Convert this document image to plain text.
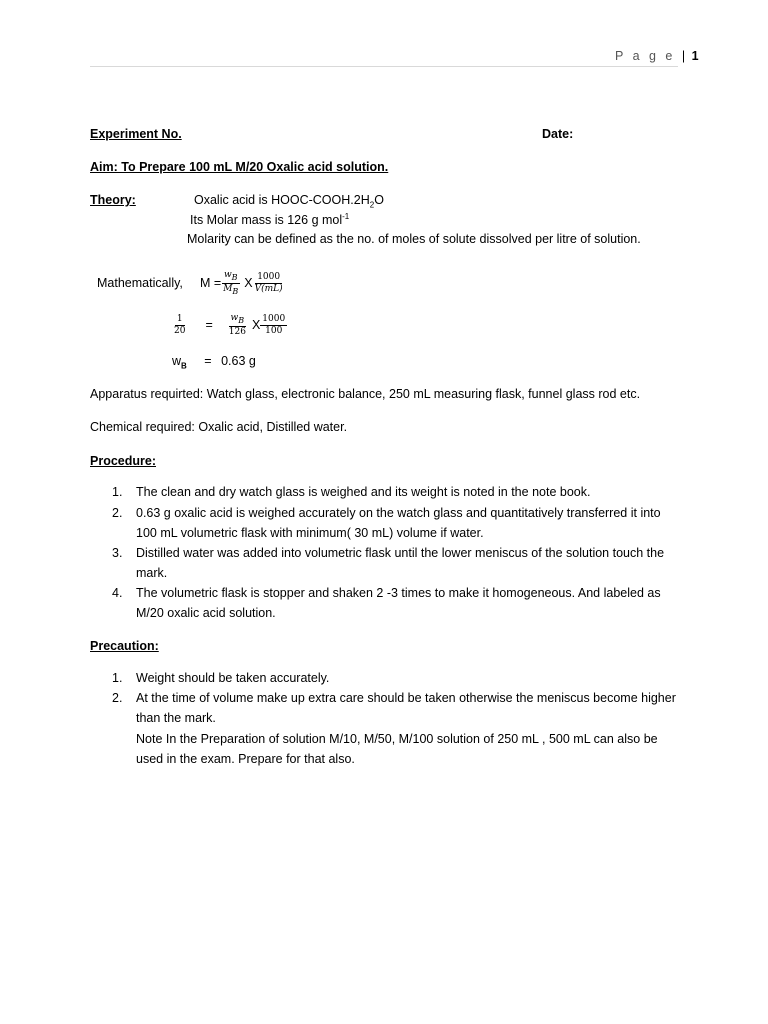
P a g e | 1
Experiment No.	Date:
Aim: To Prepare 100 mL M/20 Oxalic acid solution.
Theory:	Oxalic acid is HOOC-$COOH.2H_2O$
Its Molar mass is 126 g mol$^{-1}$
Molarity can be defined as the no. of moles of solute dissolved per litre of solution.
Mathematically, $M = \frac{w_B}{M_B}$ X $\frac{1000}{V(mL)}$
$\frac{1}{20} = \frac{w_B}{126}$ X $\frac{1000}{100}$
$w_B = 0.63$ g
Apparatus requirted: Watch glass, electronic balance, 250 mL measuring flask, funnel glass rod etc.
Chemical required: Oxalic acid, Distilled water.
Procedure:
1. The clean and dry watch glass is weighed and its weight is noted in the note book.
2. 0.63 g oxalic acid is weighed accurately on the watch glass and quantitatively transferred it into 100 mL volumetric flask with minimum( 30 mL) volume if water.
3. Distilled water was added into volumetric flask until the lower meniscus of the solution touch the mark.
4. The volumetric flask is stopper and shaken 2 -3 times to make it homogeneous. And labeled as M/20 oxalic acid solution.
Precaution:
1. Weight should be taken accurately.
2. At the time of volume make up extra care should be taken otherwise the meniscus become higher than the mark.
Note In the Preparation of solution M/10, M/50, M/100 solution of 250 mL , 500 mL can also be used in the exam. Prepare for that also.
